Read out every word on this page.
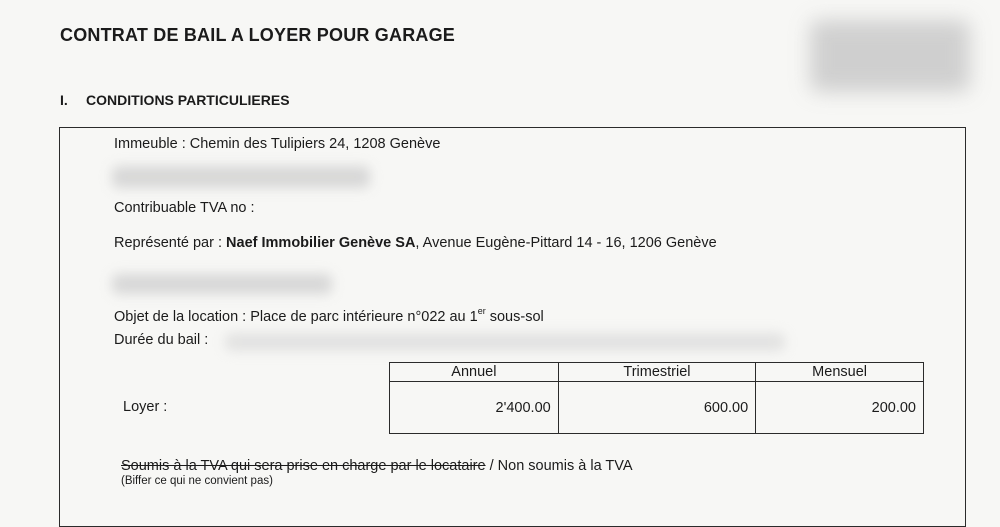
CONTRAT DE BAIL A LOYER POUR GARAGE
I. CONDITIONS PARTICULIERES
Immeuble : Chemin des Tulipiers 24, 1208 Genève
Contribuable TVA no :
Représenté par : Naef Immobilier Genève SA, Avenue Eugène-Pittard 14 - 16, 1206 Genève
Objet de la location : Place de parc intérieure n°022 au 1er sous-sol
Durée du bail :
Loyer :
Annuel	Trimestriel	Mensuel
2'400.00	600.00	200.00
Soumis à la TVA qui sera prise en charge par le locataire / Non soumis à la TVA
(Biffer ce qui ne convient pas)
